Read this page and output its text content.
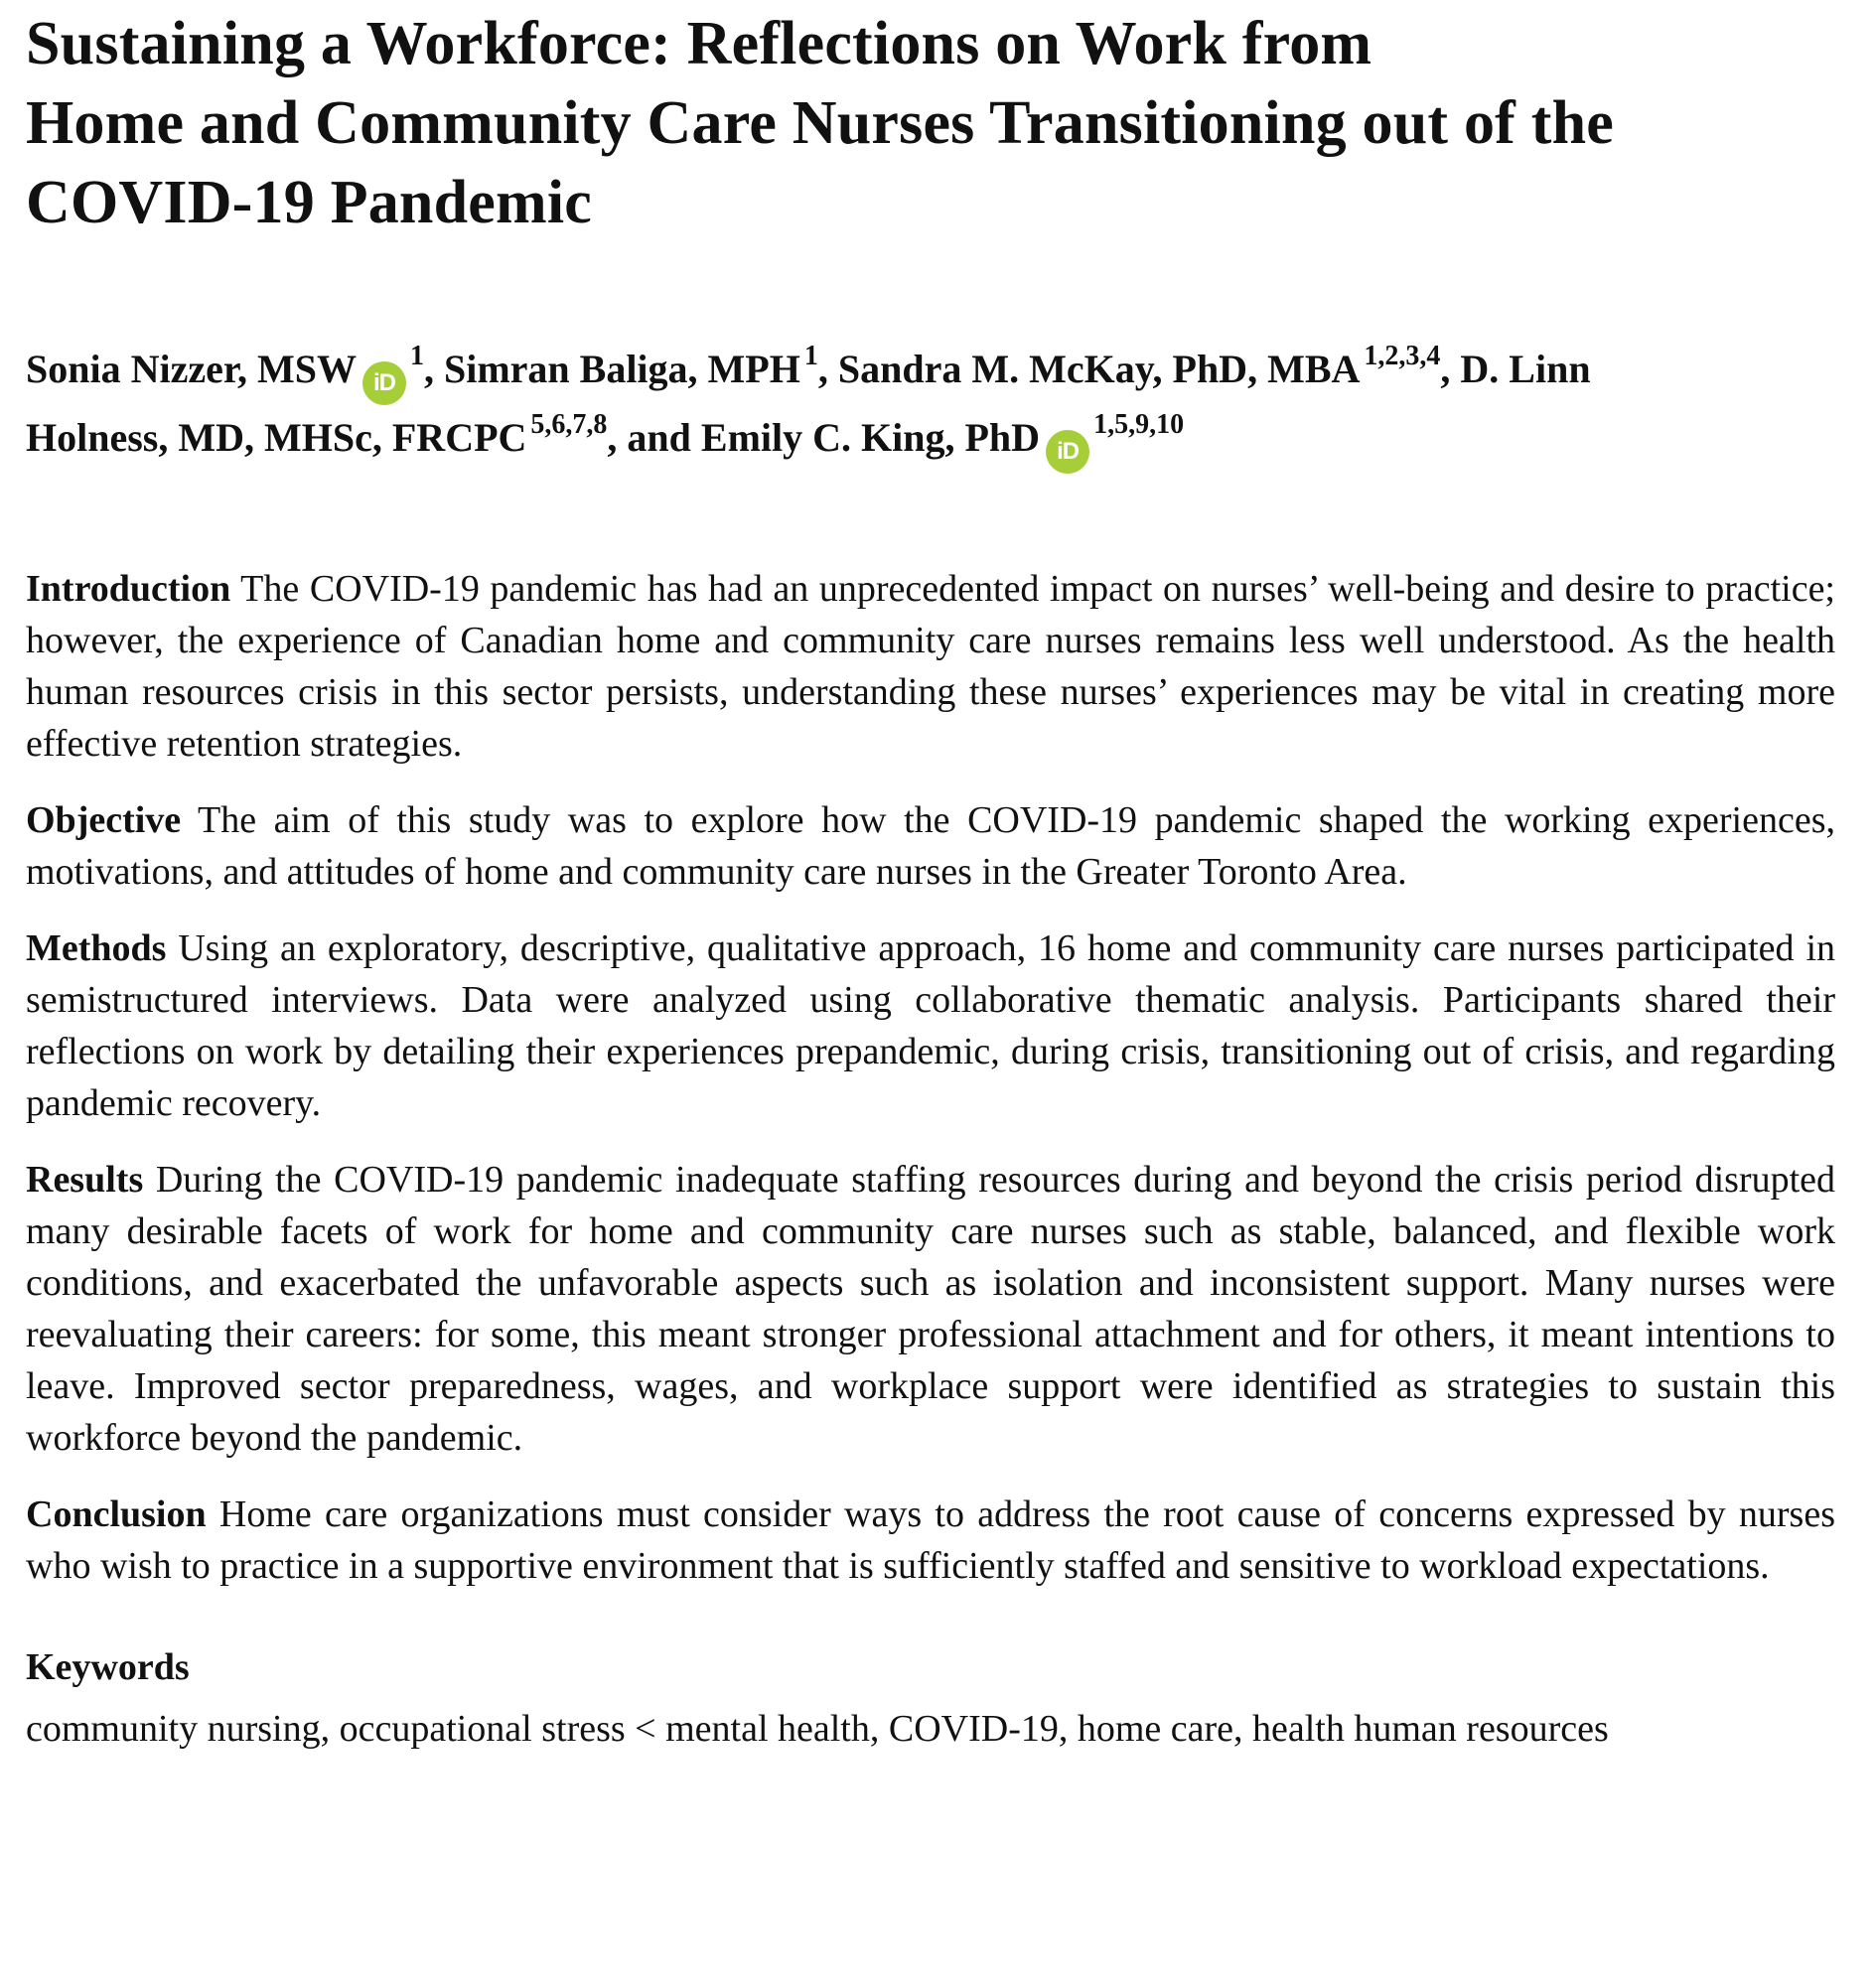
Sustaining a Workforce: Reflections on Work from
Home and Community Care Nurses Transitioning out of the
COVID-19 Pandemic
Sonia Nizzer, MSW $iD^1$, Simran Baliga, MPH $^1$, Sandra M. McKay, PhD, MBA $^{1,2,3,4}$, D. Linn
Holness, MD, MHSc, FRCPC $^{5,6,7,8}$, and Emily C. King, PhD iD$^{1,5,9,10}$

Introduction The COVID-19 pandemic has had an unprecedented impact on nurses’ well-being and desire to practice; however, the experience of Canadian home and community care nurses remains less well understood. As the health human resources crisis in this sector persists, understanding these nurses’ experiences may be vital in creating more effective retention strategies.

Objective The aim of this study was to explore how the COVID-19 pandemic shaped the working experiences, motivations, and attitudes of home and community care nurses in the Greater Toronto Area.

Methods Using an exploratory, descriptive, qualitative approach, 16 home and community care nurses participated in semistructured interviews. Data were analyzed using collaborative thematic analysis. Participants shared their reflections on work by detailing their experiences prepandemic, during crisis, transitioning out of crisis, and regarding pandemic recovery.

Results During the COVID-19 pandemic inadequate staffing resources during and beyond the crisis period disrupted many desirable facets of work for home and community care nurses such as stable, balanced, and flexible work conditions, and exacerbated the unfavorable aspects such as isolation and inconsistent support. Many nurses were reevaluating their careers: for some, this meant stronger professional attachment and for others, it meant intentions to leave. Improved sector preparedness, wages, and workplace support were identified as strategies to sustain this workforce beyond the pandemic.

Conclusion Home care organizations must consider ways to address the root cause of concerns expressed by nurses who wish to practice in a supportive environment that is sufficiently staffed and sensitive to workload expectations.

Keywords
community nursing, occupational stress < mental health, COVID-19, home care, health human resources
